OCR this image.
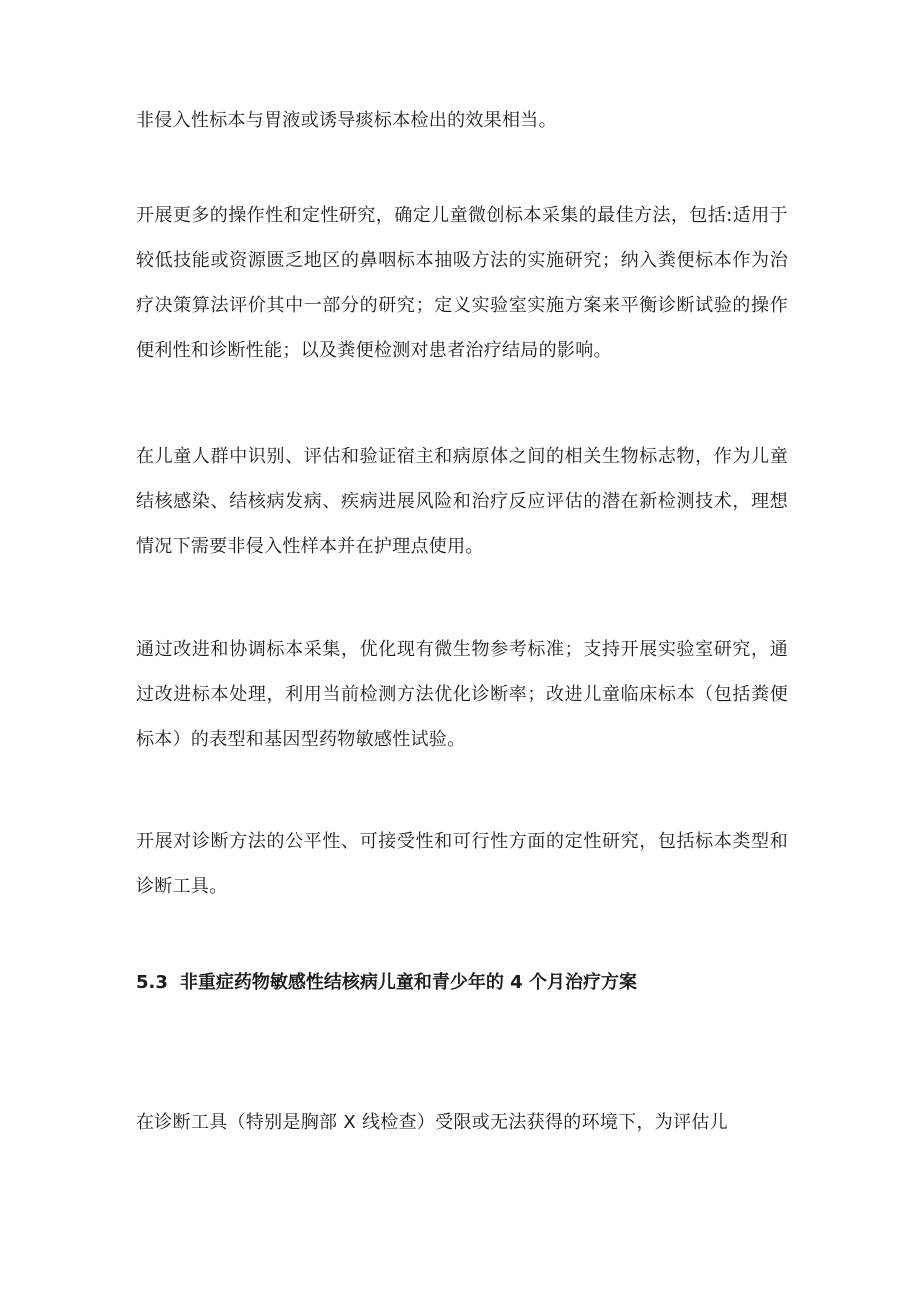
非侵入性标本与胃液或诱导痰标本检出的效果相当。

开展更多的操作性和定性研究，确定儿童微创标本采集的最佳方法，包括:适用于较低技能或资源匮乏地区的鼻咽标本抽吸方法的实施研究；纳入粪便标本作为治疗决策算法评价其中一部分的研究；定义实验室实施方案来平衡诊断试验的操作便利性和诊断性能；以及粪便检测对患者治疗结局的影响。

在儿童人群中识别、评估和验证宿主和病原体之间的相关生物标志物，作为儿童结核感染、结核病发病、疾病进展风险和治疗反应评估的潜在新检测技术，理想情况下需要非侵入性样本并在护理点使用。

通过改进和协调标本采集，优化现有微生物参考标准；支持开展实验室研究，通过改进标本处理，利用当前检测方法优化诊断率；改进儿童临床标本（包括粪便标本）的表型和基因型药物敏感性试验。

开展对诊断方法的公平性、可接受性和可行性方面的定性研究，包括标本类型和诊断工具。

5.3 非重症药物敏感性结核病儿童和青少年的 4 个月治疗方案

在诊断工具（特别是胸部 X 线检查）受限或无法获得的环境下，为评估儿
